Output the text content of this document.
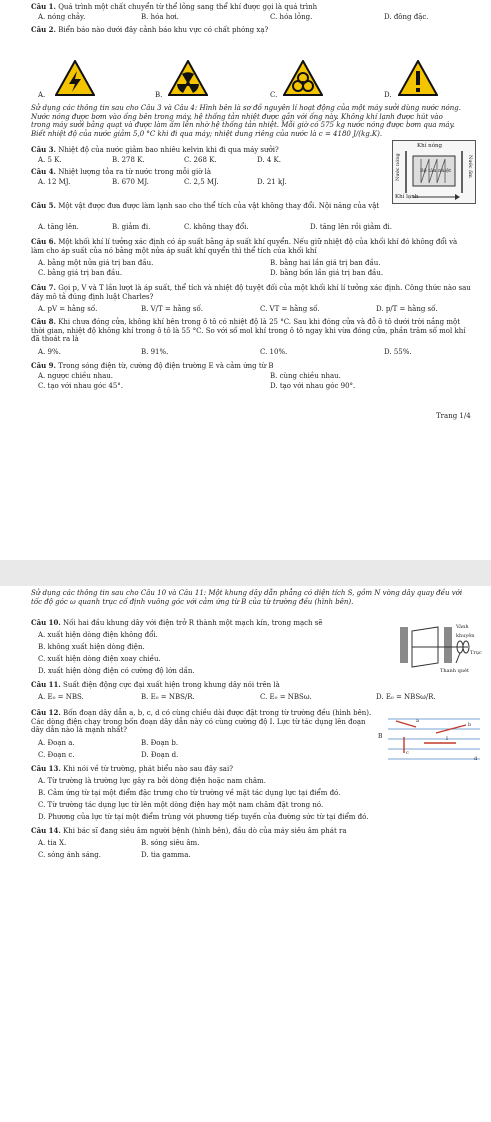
Câu 1. Quá trình một chất chuyển từ thể lỏng sang thể khí được gọi là quá trình
A. nóng chảy.	B. hóa hơi.	C. hóa lỏng.	D. đông đặc.
Câu 2. Biển báo nào dưới đây cảnh báo khu vực có chất phóng xạ?
A.	B.	C.	D.
Sử dụng các thông tin sau cho Câu 3 và Câu 4: Hình bên là sơ đồ nguyên lí hoạt động của một máy sưởi dùng nước nóng. Nước nóng được bơm vào ống bên trong máy, hệ thống tản nhiệt được gắn với ống này. Không khí lạnh được hút vào trong máy sưởi bằng quạt và được làm ấm lên nhờ hệ thống tản nhiệt. Mỗi giờ có 575 kg nước nóng được bơm qua máy. Biết nhiệt độ của nước giảm 5,0 °C khi đi qua máy; nhiệt dung riêng của nước là c = 4180 J/(kg.K).
Câu 3. Nhiệt độ của nước giảm bao nhiêu kelvin khi đi qua máy sưởi?
A. 5 K.	B. 278 K.	C. 268 K.	D. 4 K.
Câu 4. Nhiệt lượng tỏa ra từ nước trong mỗi giờ là
A. 12 MJ.	B. 670 MJ.	C. 2,5 MJ.	D. 21 kJ.
Khí nóng
Nước nóng	Bộ tản nhiệt	Nước ấm
Khí lạnh
Câu 5. Một vật được đưa được làm lạnh sao cho thể tích của vật không thay đổi. Nội năng của vật
A. tăng lên.	B. giảm đi.	C. không thay đổi.	D. tăng lên rồi giảm đi.
Câu 6. Một khối khí lí tưởng xác định có áp suất bằng áp suất khí quyển. Nếu giữ nhiệt độ của khối khí đó không đổi và làm cho áp suất của nó bằng một nửa áp suất khí quyển thì thể tích của khối khí
A. bằng một nửa giá trị ban đầu.	B. bằng hai lần giá trị ban đầu.
C. bằng giá trị ban đầu.	D. bằng bốn lần giá trị ban đầu.
Câu 7. Gọi p, V và T lần lượt là áp suất, thể tích và nhiệt độ tuyệt đối của một khối khí lí tưởng xác định. Công thức nào sau đây mô tả đúng định luật Charles?
A. pV = hằng số.	B. V/T = hằng số.	C. VT = hằng số.	D. p/T = hằng số.
Câu 8. Khi chưa đóng cửa, không khí bên trong ô tô có nhiệt độ là 25 °C. Sau khi đóng cửa và đỗ ô tô dưới trời nắng một thời gian, nhiệt độ không khí trong ô tô là 55 °C. So với số mol khí trong ô tô ngay khi vừa đóng cửa, phần trăm số mol khí đã thoát ra là
A. 9%.	B. 91%.	C. 10%.	D. 55%.
Câu 9. Trong sóng điện từ, cường độ điện trường E và cảm ứng từ B
A. ngược chiều nhau.	B. cùng chiều nhau.
C. tạo với nhau góc 45°.	D. tạo với nhau góc 90°.
Trang 1/4
Sử dụng các thông tin sau cho Câu 10 và Câu 11: Một khung dây dẫn phẳng có diện tích S, gồm N vòng dây quay đều với tốc độ góc ω quanh trục cố định vuông góc với cảm ứng từ B của từ trường đều (hình bên).
Câu 10. Nối hai đầu khung dây với điện trở R thành một mạch kín, trong mạch sẽ
A. xuất hiện dòng điện không đổi.
B. không xuất hiện dòng điện.
C. xuất hiện dòng điện xoay chiều.
D. xuất hiện dòng điện có cường độ lớn dần.
Vành khuyên
Trục
Thanh quét
Câu 11. Suất điện động cực đại xuất hiện trong khung dây nói trên là
A. E₀ = NBS.	B. E₀ = NBS/R.	C. E₀ = NBSω.	D. E₀ = NBSω/R.
Câu 12. Bốn đoạn dây dẫn a, b, c, d có cùng chiều dài được đặt trong từ trường đều (hình bên). Các dòng điện chạy trong bốn đoạn dây dẫn này có cùng cường độ I. Lực từ tác dụng lên đoạn dây dẫn nào là mạnh nhất?
A. Đoạn a.	B. Đoạn b.
C. Đoạn c.	D. Đoạn d.
B
a
b
c
d
I
Câu 13. Khi nói về từ trường, phát biểu nào sau đây sai?
A. Từ trường là trường lực gây ra bởi dòng điện hoặc nam châm.
B. Cảm ứng từ tại một điểm đặc trưng cho từ trường về mặt tác dụng lực tại điểm đó.
C. Từ trường tác dụng lực từ lên một dòng điện hay một nam châm đặt trong nó.
D. Phương của lực từ tại một điểm trùng với phương tiếp tuyến của đường sức từ tại điểm đó.
Câu 14. Khi bác sĩ đang siêu âm người bệnh (hình bên), đầu dò của máy siêu âm phát ra
A. tia X.	B. sóng siêu âm.
C. sóng ánh sáng.	D. tia gamma.
